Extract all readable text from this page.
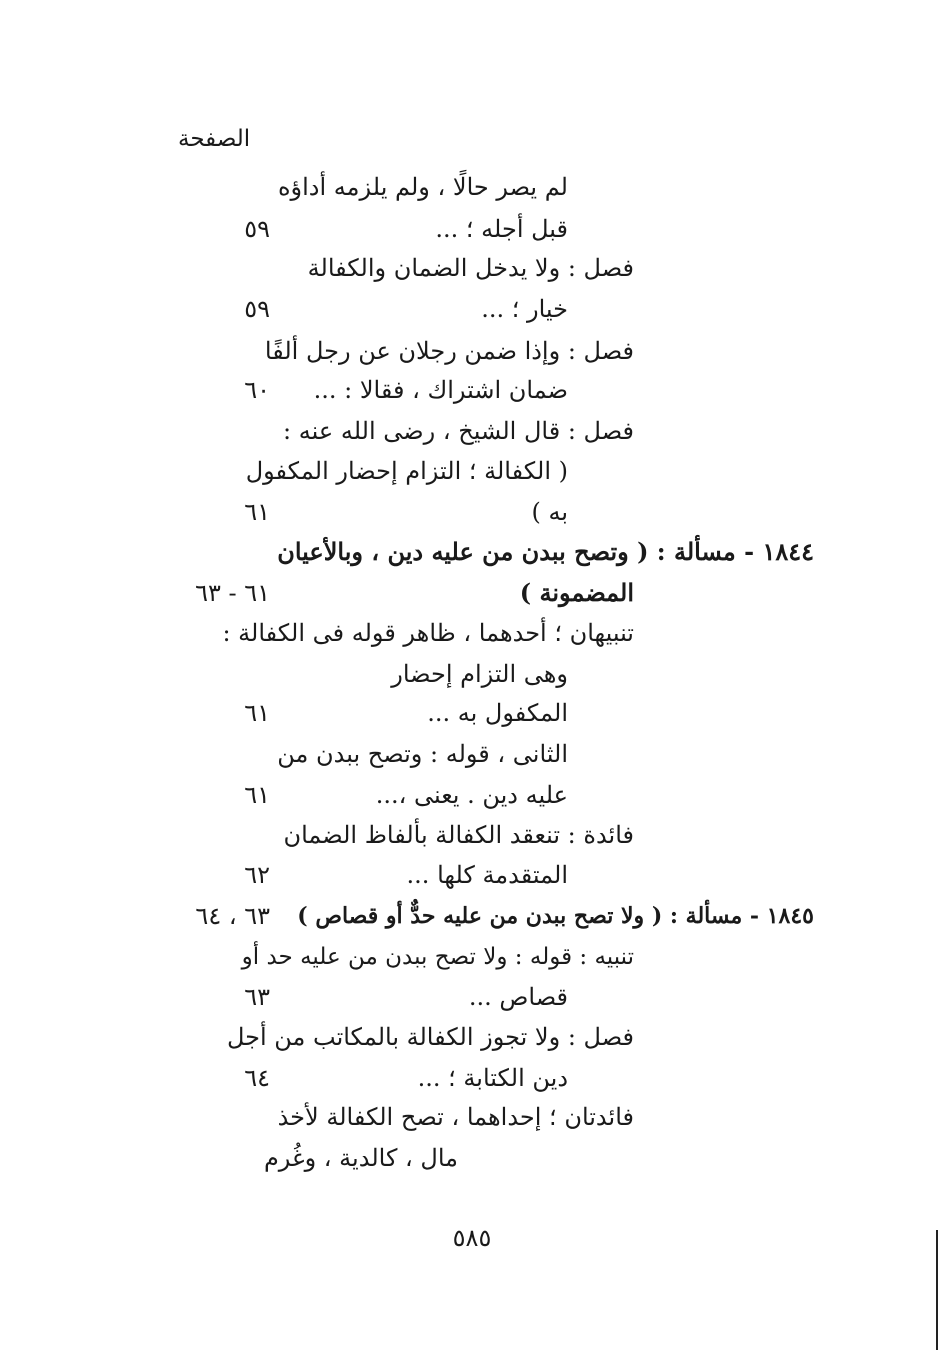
الصفحة
لم يصر حالًا ، ولم يلزمه أداؤه
قبل أجله ؛ ...
٥٩
فصل : ولا يدخل الضمان والكفالة
خيار ؛ ...
٥٩
فصل : وإذا ضمن رجلان عن رجل ألفًا
ضمان اشتراك ، فقالا : ...
٦٠
فصل : قال الشيخ ، رضى الله عنه :
( الكفالة ؛ التزام إحضار المكفول
به )
٦١
١٨٤٤ - مسألة : ( وتصح ببدن من عليه دين ، وبالأعيان
المضمونة )
٦١ - ٦٣
تنبيهان ؛ أحدهما ، ظاهر قوله فى الكفالة :
وهى التزام إحضار
المكفول به ...
٦١
الثانى ، قوله : وتصح ببدن من
عليه دين . يعنى ،...
٦١
فائدة : تنعقد الكفالة بألفاظ الضمان
المتقدمة كلها ...
٦٢
١٨٤٥ - مسألة : ( ولا تصح ببدن من عليه حدٌّ أو قصاص )
٦٣ ، ٦٤
تنبيه : قوله : ولا تصح ببدن من عليه حد أو
قصاص ...
٦٣
فصل : ولا تجوز الكفالة بالمكاتب من أجل
دين الكتابة ؛ ...
٦٤
فائدتان ؛ إحداهما ، تصح الكفالة لأخذ
مال ، كالدية ، وغُرم
٥٨٥
